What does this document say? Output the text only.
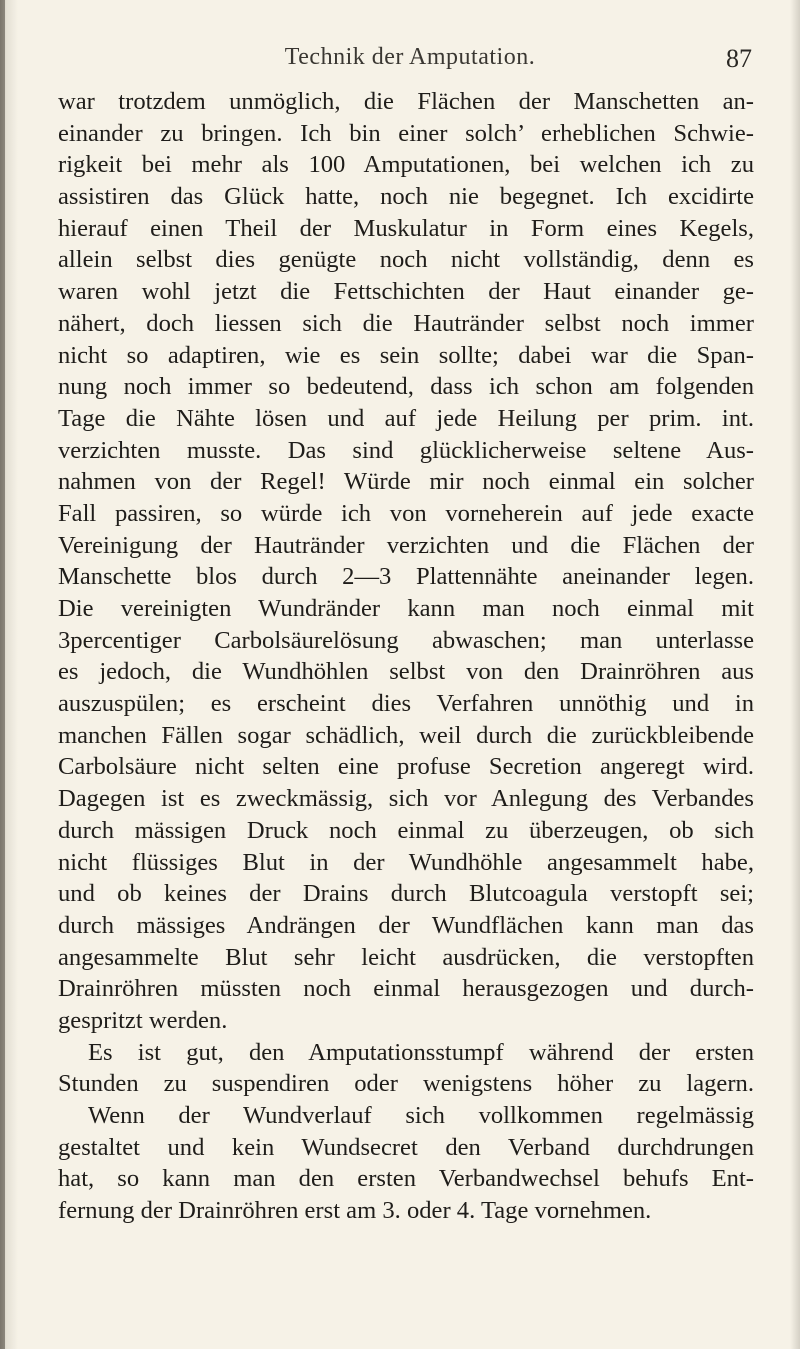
Technik der Amputation.	87
war trotzdem unmöglich, die Flächen der Manschetten an-
einander zu bringen. Ich bin einer solch’ erheblichen Schwie-
rigkeit bei mehr als 100 Amputationen, bei welchen ich zu
assistiren das Glück hatte, noch nie begegnet. Ich excidirte
hierauf einen Theil der Muskulatur in Form eines Kegels,
allein selbst dies genügte noch nicht vollständig, denn es
waren wohl jetzt die Fettschichten der Haut einander ge-
nähert, doch liessen sich die Hautränder selbst noch immer
nicht so adaptiren, wie es sein sollte; dabei war die Span-
nung noch immer so bedeutend, dass ich schon am folgenden
Tage die Nähte lösen und auf jede Heilung per prim. int.
verzichten musste. Das sind glücklicherweise seltene Aus-
nahmen von der Regel! Würde mir noch einmal ein solcher
Fall passiren, so würde ich von vorneherein auf jede exacte
Vereinigung der Hautränder verzichten und die Flächen der
Manschette blos durch 2—3 Plattennähte aneinander legen.
Die vereinigten Wundränder kann man noch einmal mit
3percentiger Carbolsäurelösung abwaschen; man unterlasse
es jedoch, die Wundhöhlen selbst von den Drainröhren aus
auszuspülen; es erscheint dies Verfahren unnöthig und in
manchen Fällen sogar schädlich, weil durch die zurückbleibende
Carbolsäure nicht selten eine profuse Secretion angeregt wird.
Dagegen ist es zweckmässig, sich vor Anlegung des Verbandes
durch mässigen Druck noch einmal zu überzeugen, ob sich
nicht flüssiges Blut in der Wundhöhle angesammelt habe,
und ob keines der Drains durch Blutcoagula verstopft sei;
durch mässiges Andrängen der Wundflächen kann man das
angesammelte Blut sehr leicht ausdrücken, die verstopften
Drainröhren müssten noch einmal herausgezogen und durch-
gespritzt werden.
Es ist gut, den Amputationsstumpf während der ersten
Stunden zu suspendiren oder wenigstens höher zu lagern.
Wenn der Wundverlauf sich vollkommen regelmässig
gestaltet und kein Wundsecret den Verband durchdrungen
hat, so kann man den ersten Verbandwechsel behufs Ent-
fernung der Drainröhren erst am 3. oder 4. Tage vornehmen.
